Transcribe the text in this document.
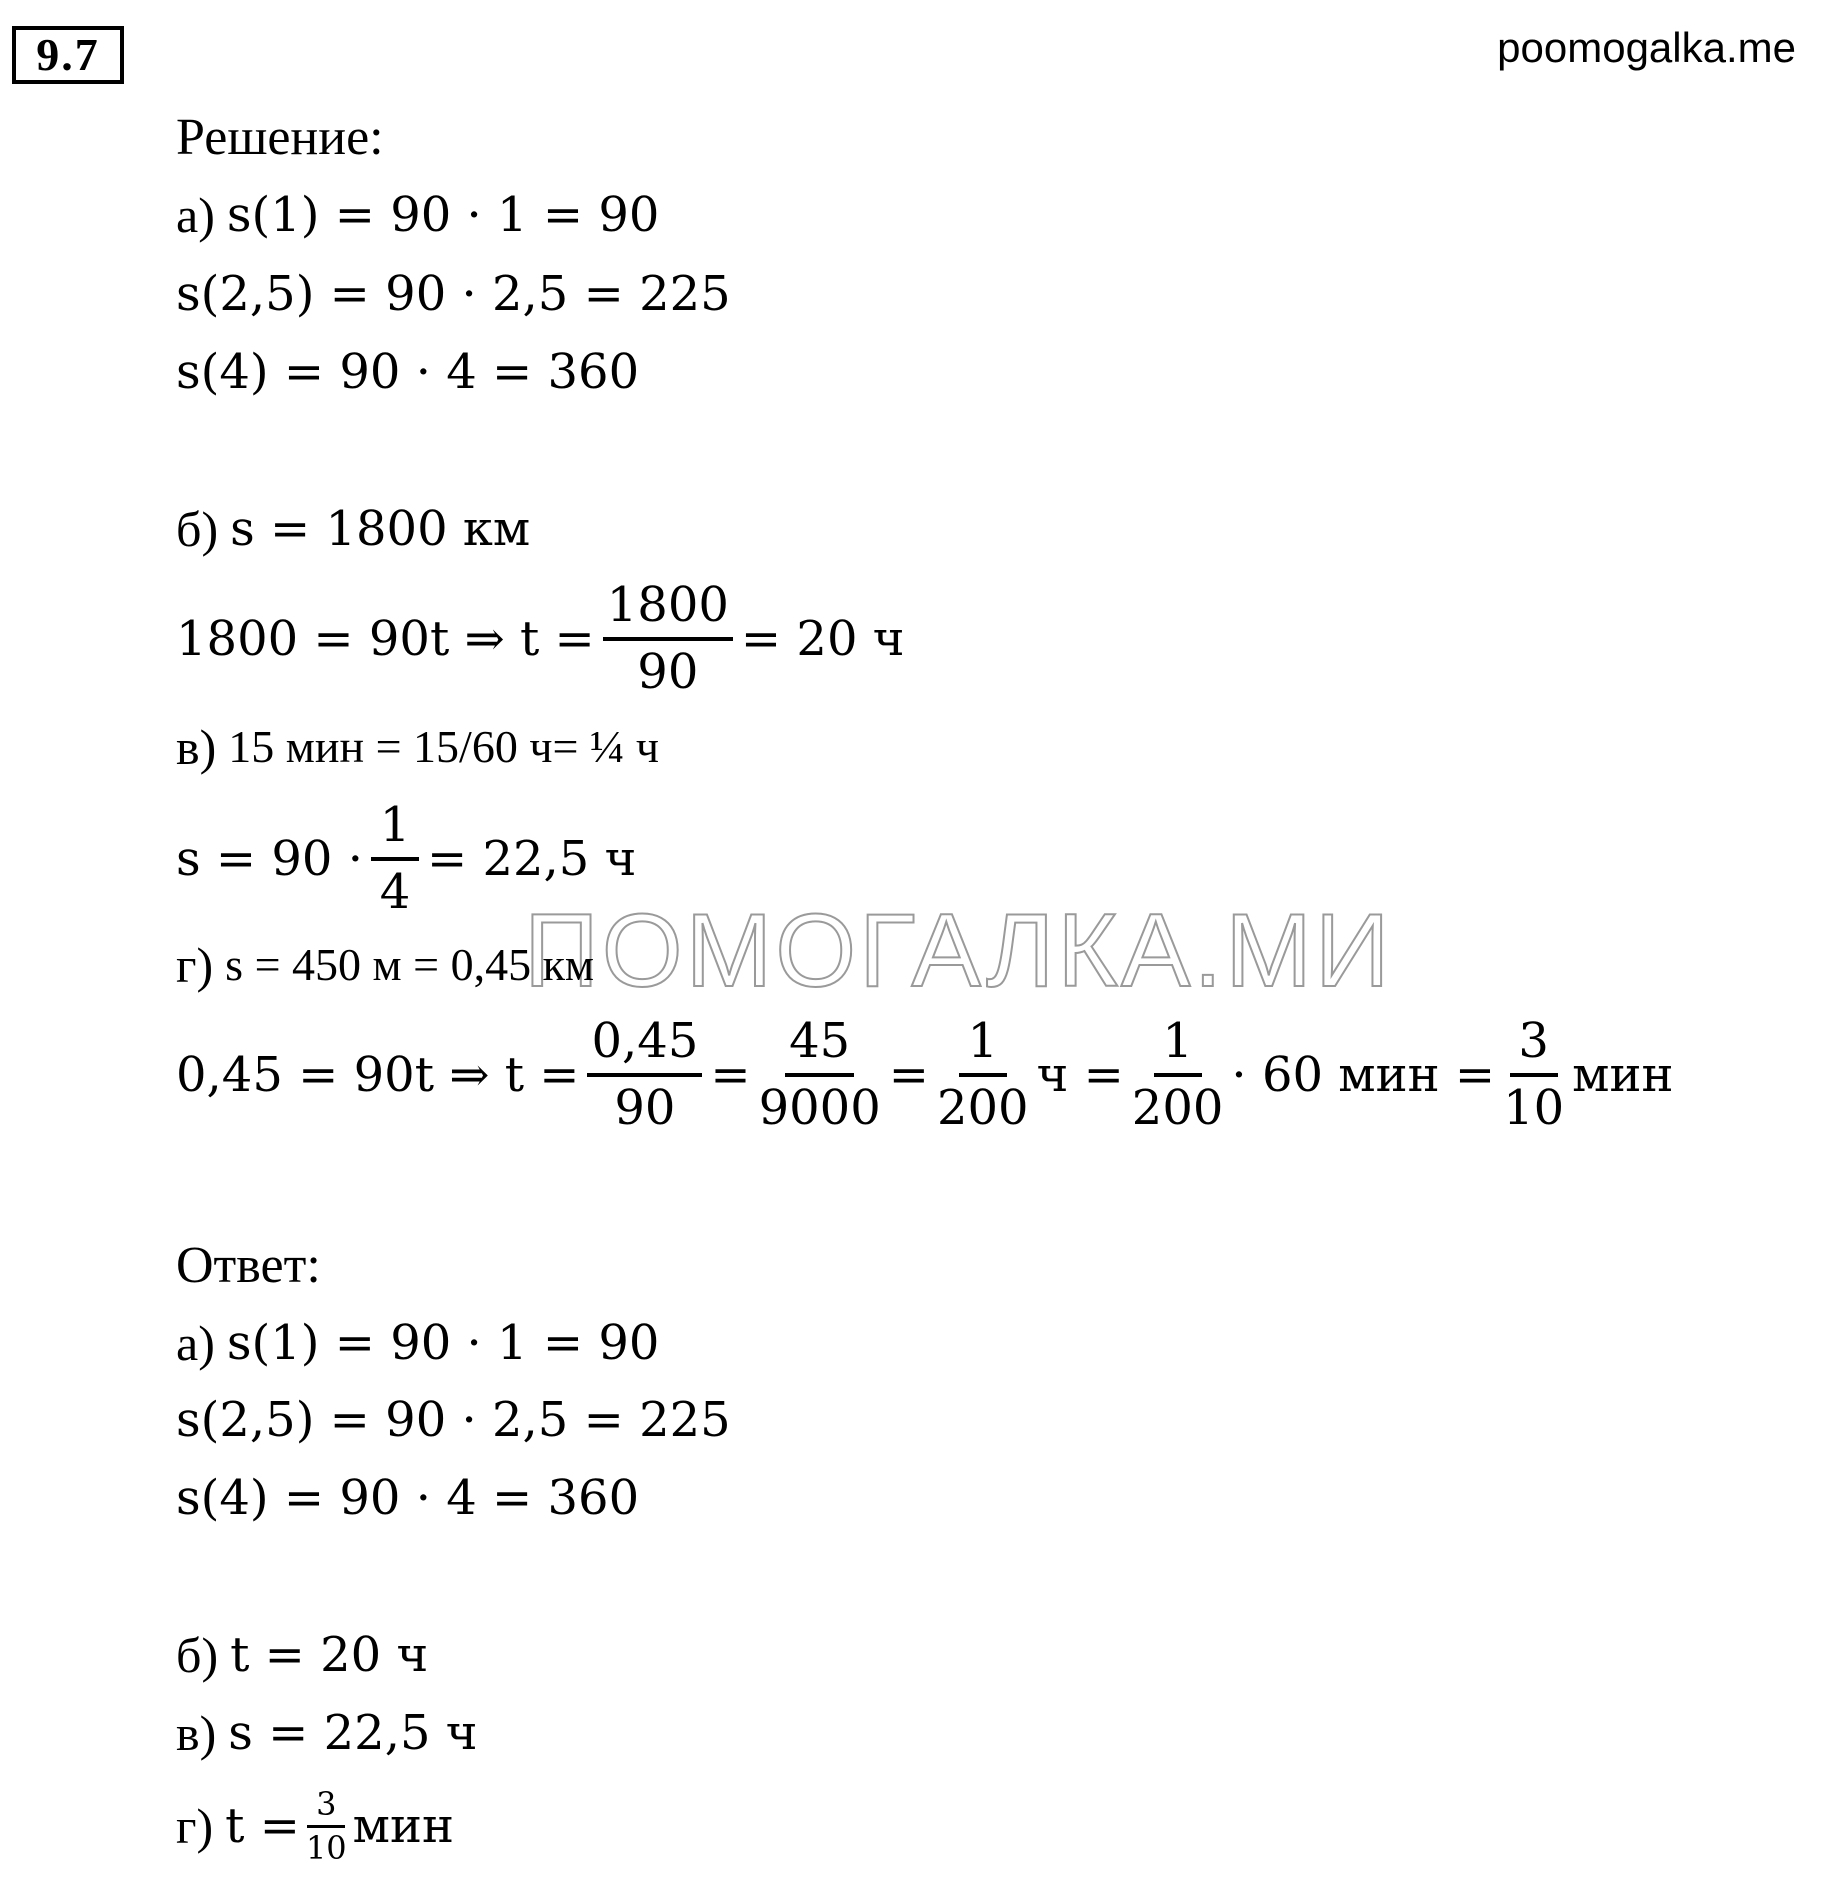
9.7	poomogalka.me
ПОМОГАЛКА.МИ
Решение:
а) s(1) = 90 · 1 = 90
s(2,5) = 90 · 2,5 = 225
s(4) = 90 · 4 = 360
б) s = 1800 км
1800 = 90t ⇒ $t = \frac{1800}{90} = 20$ ч
в) 15 мин = 15/60 ч= ¼ ч
$s = 90 \cdot \frac{1}{4} = 22,5$ ч
г) s = 450 м = 0,45 км
0,45 = 90t ⇒ $t = \frac{0,45}{90} = \frac{45}{9000} = \frac{1}{200}$ $ч = \frac{1}{200} \cdot 60$ мин = $\frac{3}{10}$ мин
Ответ:
а) s(1) = 90 · 1 = 90
s(2,5) = 90 · 2,5 = 225
s(4) = 90 · 4 = 360
б) t = 20 ч
в) s = 22,5 ч
г) $t = \frac{3}{10}$ мин
